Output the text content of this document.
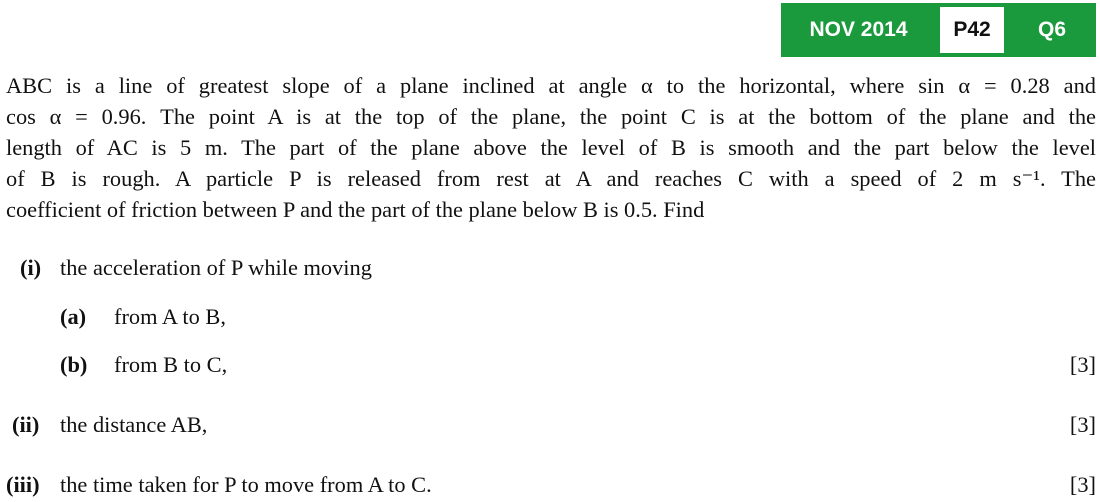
NOV 2014	P42	Q6
ABC is a line of greatest slope of a plane inclined at angle α to the horizontal, where sin α = 0.28 and
cos α = 0.96. The point A is at the top of the plane, the point C is at the bottom of the plane and the
length of AC is 5 m. The part of the plane above the level of B is smooth and the part below the level
of B is rough. A particle P is released from rest at A and reaches C with a speed of 2 m s⁻¹. The
coefficient of friction between P and the part of the plane below B is 0.5. Find
(i) the acceleration of P while moving
(a) from A to B,
(b) from B to C,	[3]
(ii) the distance AB,	[3]
(iii) the time taken for P to move from A to C.	[3]
